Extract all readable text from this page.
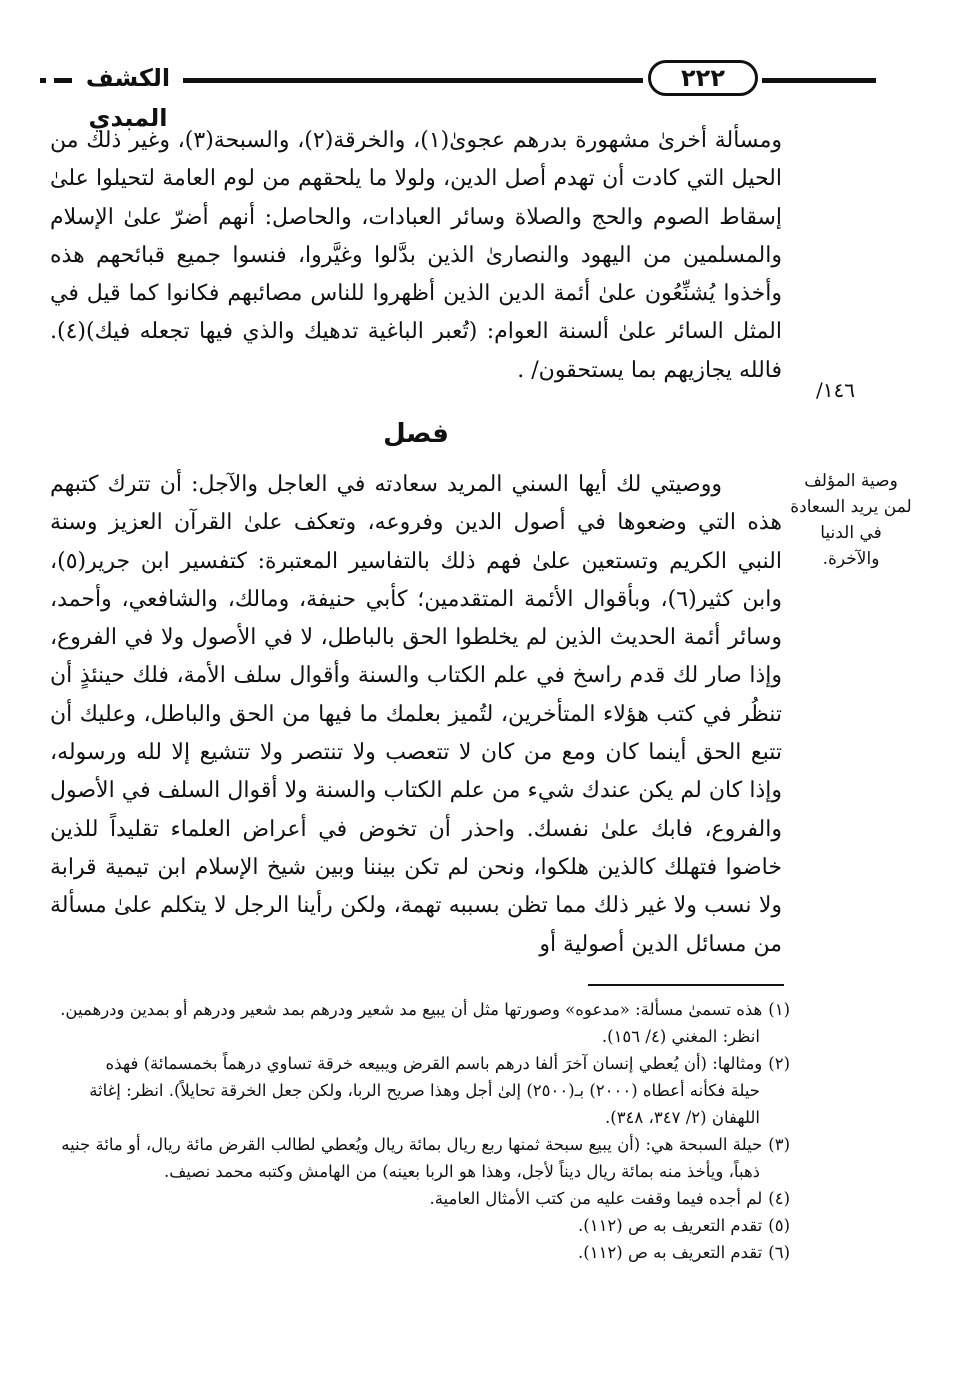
الكشف المبدي
٢٢٢

ومسألة أخرىٰ مشهورة بدرهم عجوىٰ(١)، والخرقة(٢)، والسبحة(٣)، وغير ذلك من الحيل التي كادت أن تهدم أصل الدين، ولولا ما يلحقهم من لوم العامة لتحيلوا علىٰ إسقاط الصوم والحج والصلاة وسائر العبادات، والحاصل: أنهم أضرّ علىٰ الإسلام والمسلمين من اليهود والنصارىٰ الذين بدَّلوا وغيَّروا، فنسوا جميع قبائحهم هذه وأخذوا يُشنِّعُون علىٰ أئمة الدين الذين أظهروا للناس مصائبهم فكانوا كما قيل في المثل السائر علىٰ ألسنة العوام: (تُعبر الباغية تدهيك والذي فيها تجعله فيك)(٤). فالله يجازيهم بما يستحقون/ .

١٤٦/
فصل
وصية المؤلف لمن يريد السعادة في الدنيا والآخرة.

ووصيتي لك أيها السني المريد سعادته في العاجل والآجل: أن تترك كتبهم هذه التي وضعوها في أصول الدين وفروعه، وتعكف علىٰ القرآن العزيز وسنة النبي الكريم وتستعين علىٰ فهم ذلك بالتفاسير المعتبرة: كتفسير ابن جرير(٥)، وابن كثير(٦)، وبأقوال الأئمة المتقدمين؛ كأبي حنيفة، ومالك، والشافعي، وأحمد، وسائر أئمة الحديث الذين لم يخلطوا الحق بالباطل، لا في الأصول ولا في الفروع، وإذا صار لك قدم راسخ في علم الكتاب والسنة وأقوال سلف الأمة، فلك حينئذٍ أن تنظُر في كتب هؤلاء المتأخرين، لتُميز بعلمك ما فيها من الحق والباطل، وعليك أن تتبع الحق أينما كان ومع من كان لا تتعصب ولا تنتصر ولا تتشيع إلا لله ورسوله، وإذا كان لم يكن عندك شيء من علم الكتاب والسنة ولا أقوال السلف في الأصول والفروع، فابك علىٰ نفسك. واحذر أن تخوض في أعراض العلماء تقليداً للذين خاضوا فتهلك كالذين هلكوا، ونحن لم تكن بيننا وبين شيخ الإسلام ابن تيمية قرابة ولا نسب ولا غير ذلك مما تظن بسببه تهمة، ولكن رأينا الرجل لا يتكلم علىٰ مسألة من مسائل الدين أصولية أو

(١)هذه تسمىٰ مسألة: «مدعوه» وصورتها مثل أن يبيع مد شعير ودرهم بمد شعير ودرهم أو بمدين ودرهمين.

انظر: المغني (٤/ ١٥٦).

(٢)ومثالها: (أن يُعطي إنسان آخرَ ألفا درهم باسم القرض ويبيعه خرقة تساوي درهماً بخمسمائة) فهذه

حيلة فكأنه أعطاه (٢٠٠٠) بـ(٢٥٠٠) إلىٰ أجل وهذا صريح الربا، ولكن جعل الخرقة تحايلاً). انظر: إغاثة اللهفان (٢/ ٣٤٧، ٣٤٨).

(٣)حيلة السبحة هي: (أن يبيع سبحة ثمنها ربع ريال بمائة ريال ويُعطي لطالب القرض مائة ريال، أو مائة جنيه

ذهباً، ويأخذ منه بمائة ريال ديناً لأجل، وهذا هو الربا بعينه) من الهامش وكتبه محمد نصيف.

(٤)لم أجده فيما وقفت عليه من كتب الأمثال العامية.

(٥)تقدم التعريف به ص (١١٢).

(٦)تقدم التعريف به ص (١١٢).
